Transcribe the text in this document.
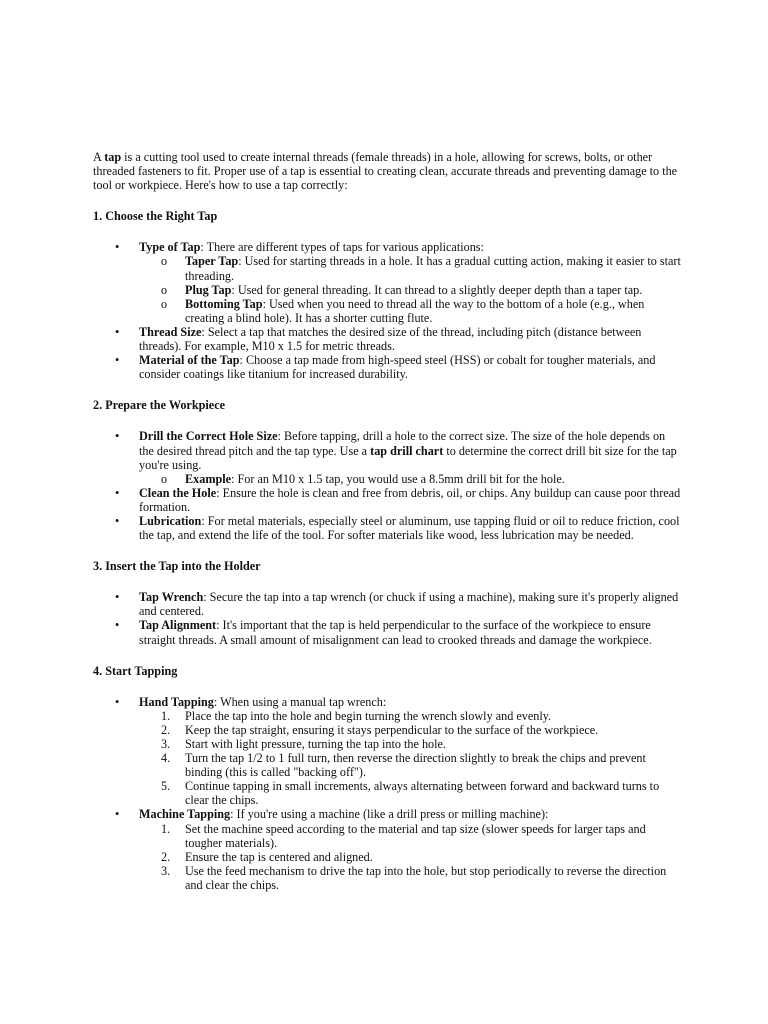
A tap is a cutting tool used to create internal threads (female threads) in a hole, allowing for screws, bolts, or other threaded fasteners to fit. Proper use of a tap is essential to creating clean, accurate threads and preventing damage to the tool or workpiece. Here's how to use a tap correctly:

1. Choose the Right Tap

• Type of Tap: There are different types of taps for various applications:
o Taper Tap: Used for starting threads in a hole. It has a gradual cutting action, making it easier to start threading.
o Plug Tap: Used for general threading. It can thread to a slightly deeper depth than a taper tap.
o Bottoming Tap: Used when you need to thread all the way to the bottom of a hole (e.g., when creating a blind hole). It has a shorter cutting flute.
• Thread Size: Select a tap that matches the desired size of the thread, including pitch (distance between threads). For example, M10 x 1.5 for metric threads.
• Material of the Tap: Choose a tap made from high-speed steel (HSS) or cobalt for tougher materials, and consider coatings like titanium for increased durability.

2. Prepare the Workpiece

• Drill the Correct Hole Size: Before tapping, drill a hole to the correct size. The size of the hole depends on the desired thread pitch and the tap type. Use a tap drill chart to determine the correct drill bit size for the tap you're using.
o Example: For an M10 x 1.5 tap, you would use a 8.5mm drill bit for the hole.
• Clean the Hole: Ensure the hole is clean and free from debris, oil, or chips. Any buildup can cause poor thread formation.
• Lubrication: For metal materials, especially steel or aluminum, use tapping fluid or oil to reduce friction, cool the tap, and extend the life of the tool. For softer materials like wood, less lubrication may be needed.

3. Insert the Tap into the Holder

• Tap Wrench: Secure the tap into a tap wrench (or chuck if using a machine), making sure it's properly aligned and centered.
• Tap Alignment: It's important that the tap is held perpendicular to the surface of the workpiece to ensure straight threads. A small amount of misalignment can lead to crooked threads and damage the workpiece.

4. Start Tapping

• Hand Tapping: When using a manual tap wrench:
1. Place the tap into the hole and begin turning the wrench slowly and evenly.
2. Keep the tap straight, ensuring it stays perpendicular to the surface of the workpiece.
3. Start with light pressure, turning the tap into the hole.
4. Turn the tap 1/2 to 1 full turn, then reverse the direction slightly to break the chips and prevent binding (this is called "backing off").
5. Continue tapping in small increments, always alternating between forward and backward turns to clear the chips.
• Machine Tapping: If you're using a machine (like a drill press or milling machine):
1. Set the machine speed according to the material and tap size (slower speeds for larger taps and tougher materials).
2. Ensure the tap is centered and aligned.
3. Use the feed mechanism to drive the tap into the hole, but stop periodically to reverse the direction and clear the chips.
